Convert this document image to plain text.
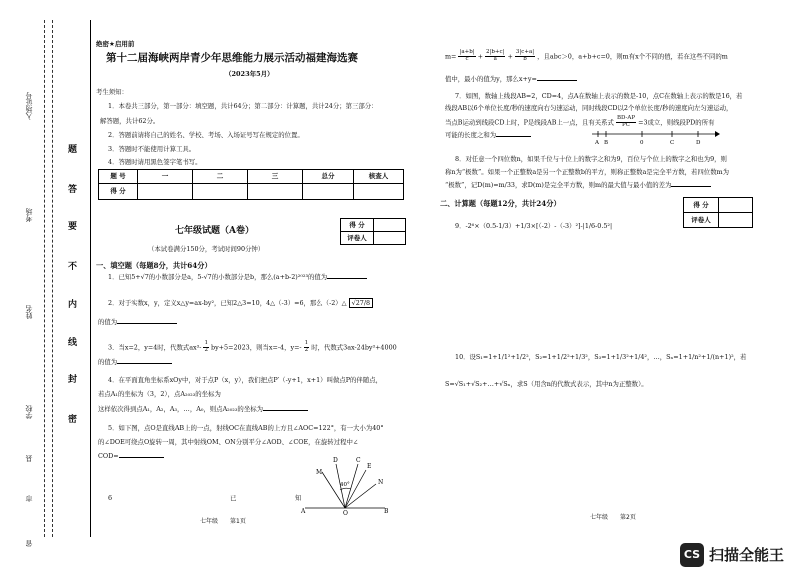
入场证号
考场
姓名
学校
县
市
省
题
答
要
不
内
线
封
密
绝密★启用前
第十二届海峡两岸青少年思维能力展示活动福建海选赛
（2023年5月）
考生须知：
1．本卷共三部分，第一部分：填空题，共计64分；第二部分：计算题，共计24分；第三部分：
解答题，共计62分。
2．答题前请将自己的姓名、学校、考场、入场证号写在规定的位置。
3．答题时不能使用计算工具。
4．答题时请用黑色签字笔书写。
题 号	一	二	三	总分	核查人
得 分					
得 分	
评卷人	
七年级试题（A卷）
（本试卷满分150分，考试时间90分钟）
一、填空题（每题8分，共计64分）
1．已知5+√7的小数部分是a，5-√7的小数部分是b，那么(a+b-2)²⁰²³的值为
2．对于实数x，y，定义x△y=ax-by²，已知2△3=10，4△（-3）=6，那么（-2）△ √27/8
的值为
3．当x=2，y=4时，代数式$ax^3- \frac{1}{2} by+5=2023$，则当x=-4，$y=- \frac{1}{2}$ 时，代数式3ax-24by³+4000
的值为
4．在平面直角坐标系xOy中，对于点P（x，y），我们把点P′（-y+1，x+1）叫做点P的伴随点，
若点A₁的坐标为（3，2），点A₂₀₂₃的坐标为
这样依次得到点A₁，A₂，A₃，…，A₀，则点A₂₀₂₃的坐标为
5．如下图，点O是直线AB上的一点，射线OC在直线AB的上方且∠AOC=122°，有一大小为40°
的∠DOE可绕点O旋转一周，其中射线OM、ON分别平分∠AOD、∠COE，在旋转过程中∠
COD=
D	C
E
M
N
A	O	B
40°
6	已	知
七年级　　第1页
$m= \frac{|a+b|}{c} + \frac{2|b+c|}{a} + \frac{3|c+a|}{b}$ ，且abc＞0，a+b+c=0，则m有x个不同的值，若在这些不同的m
值中，最小的值为y，那么x+y=
7．如图，数轴上线段AB=2，CD=4，点A在数轴上表示的数是-10，点C在数轴上表示的数是16，若
线段AB以6个单位长度/秒的速度向右匀速运动，同时线段CD以2个单位长度/秒的速度向左匀速运动，
当点B运动到线段CD上时，P是线段AB上一点，且有关系式 $\frac{BD-AP}{PC} =3$成立，则线段PD的所有
可能的长度之和为
A B	0	C	D
8．对任意一个四位数n，如果千位与十位上的数字之和为9，百位与个位上的数字之和也为9，则
称n为“极数”。如果一个正整数a是另一个正整数b的平方，则称正整数a是完全平方数，若四位数m为
“极数”，记D(m)=m/33，求D(m)是完全平方数，则m的最大值与最小值的差为
二、计算题（每题12分，共计24分）	得 分	
评卷人	
9．-2⁶×（0.5-1/3）+1/3×[（-2）-（-3）²]-|1/6-0.5²|
10．设S₁=1+1/1²+1/2²，S₂=1+1/2²+1/3²，S₃=1+1/3²+1/4²，…，Sₙ=1+1/n²+1/(n+1)²，若
S=√S₁+√S₂+…+√Sₙ，求S（用含n的代数式表示，其中n为正整数）。
七年级　　第2页
CS 扫描全能王
